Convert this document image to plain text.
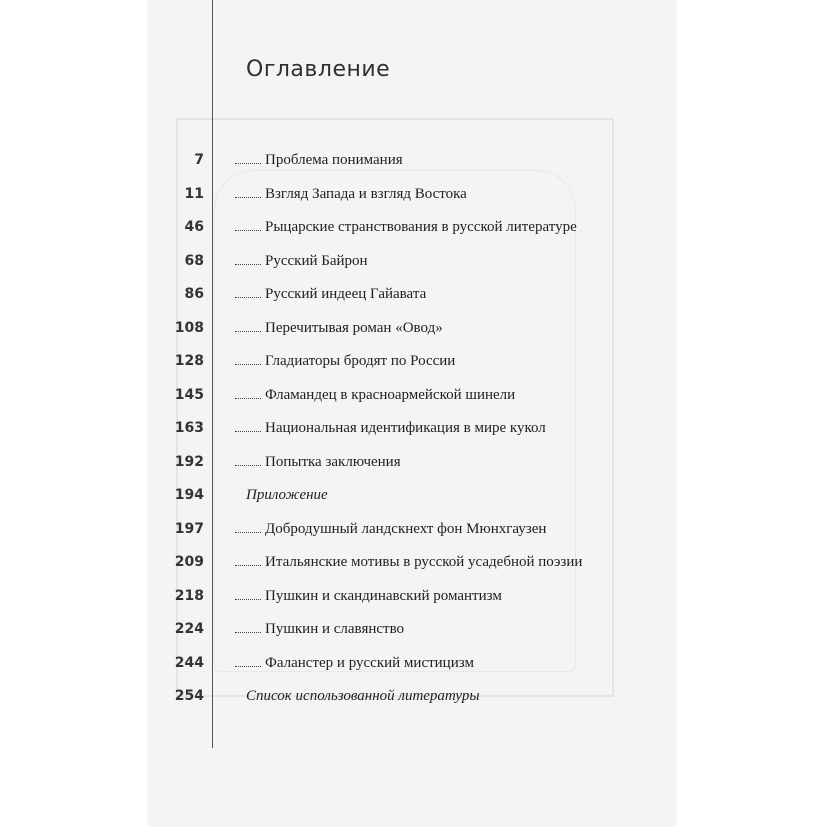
Оглавление
7	Проблема понимания
11	Взгляд Запада и взгляд Востока
46	Рыцарские странствования в русской литературе
68	Русский Байрон
86	Русский индеец Гайавата
108	Перечитывая роман «Овод»
128	Гладиаторы бродят по России
145	Фламандец в красноармейской шинели
163	Национальная идентификация в мире кукол
192	Попытка заключения
194	Приложение
197	Добродушный ландскнехт фон Мюнхгаузен
209	Итальянские мотивы в русской усадебной поэзии
218	Пушкин и скандинавский романтизм
224	Пушкин и славянство
244	Фаланстер и русский мистицизм
254	Список использованной литературы
